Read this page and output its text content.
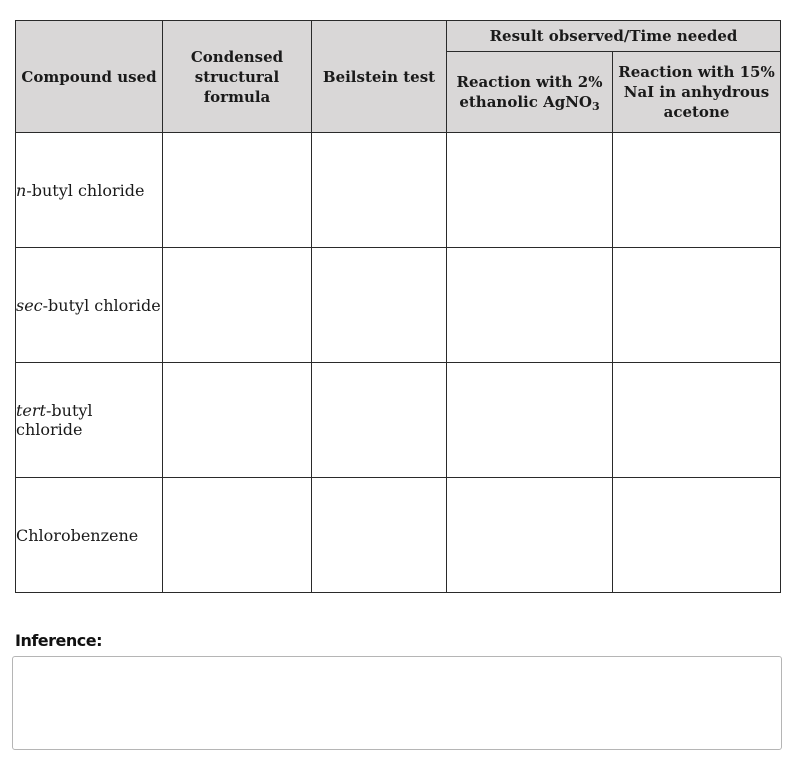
Compound used	Condensed structural formula	Beilstein test	Result observed/Time needed	
			Reaction with 2% ethanolic AgNO$_3$	Reaction with 15% NaI in anhydrous acetone
n-butyl chloride				
sec-butyl chloride				
tert-butyl chloride				
Chlorobenzene				
Inference:
